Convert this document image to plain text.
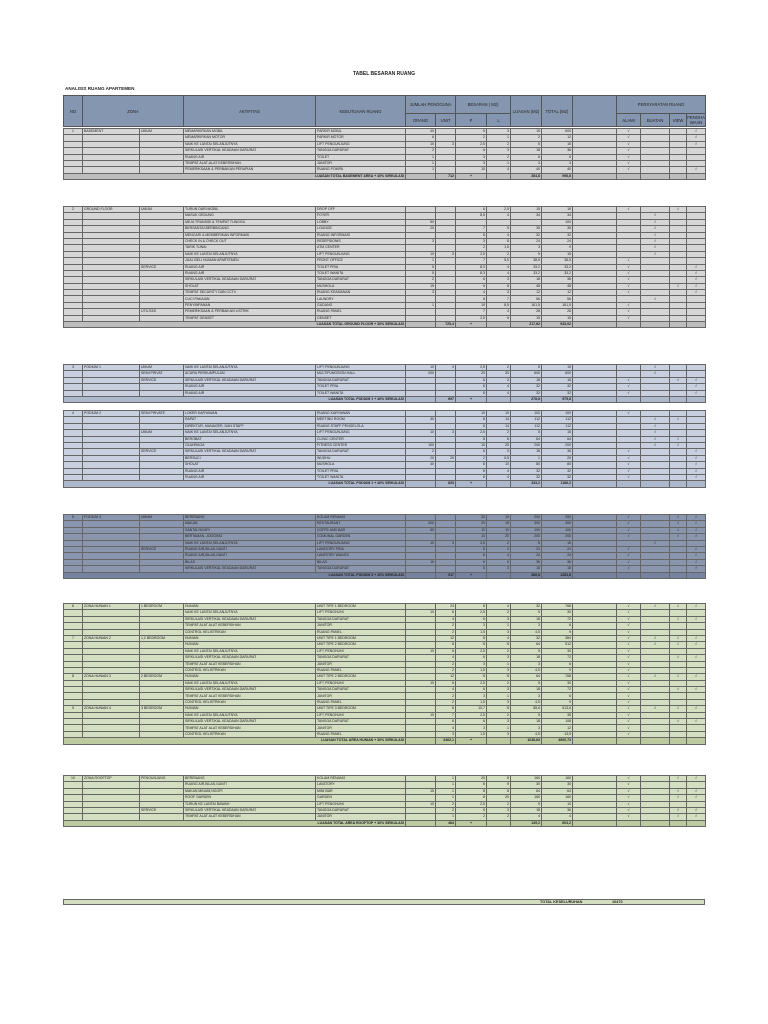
TABEL BESARAN RUANG
ANALISIS RUANG APARTEMEN
NO	ZONA	AKTIFITAS	KEBUTUHAN RUANG	JUMLAH PENGGUNA		BESARAN ( M2)		LUASAN (M2)	TOTAL (M2)		PERSYARATAN RUANG			
				ORANG	UNIT	P	L				ALAMI	BUATAN	VIEW	PENGHA WAAN
1	BASEMENT	UMUM	MEMARKIRKAN MOBIL	PARKIR MOBIL	40		5	3	15	600		√			√
			MEMARKIRKAN MOTOR	PARKIR MOTOR	6		2	1	2	12		√			√
			NAIK KE LANTAI SELANJUTNYA	LIFT PENGUNJUNG	10	3	2,5	2	5	15		√			√
			SIRKULASI VERTIKAL KEADAAN DARURAT	TANGGA DARURAT	2		6	3	18	36		√			
			RUANG AIR	TOILET	1		3	2	6	6		√			
			TEMPAT ALAT-ALAT KEBERSIHAN	JANITOR	1		3	1	3	3		√			
			PEMERIKSAAN & PERBAIKAN PERAPIAN	RUANG POMPA	1		10	4	40	40		√			√
LUASAN TOTAL BASEMENT AREA + 40% SIRKULASI						712	+		284,8	996,8					
2	GROUND FLOOR	UMUM	TURUN DARI MOBIL	DROP OFF			6	2,5	15	15		√		√	
			MASUK GEDUNG	FOYER			8,5	4	34	34			√		
			MEJA TRANSISI & TEMPAT TUNGGU	LOBBY	50					100			√		
			BERSANTAI BERBINCANG	LOUNGE	20		7	5	35	35			√		
			MENCARI & MEMBERIKAN INFORMASI	RUANG INFORMASI			8	4	32	32			√		
			CHECK IN & CHECK OUT	RESEPSIONIS	3		3	8	24	24			√		
			TARIK TUNAI	ATM CENTER			2	1,5	3	9			√		
			NAIK KE LANTAI SELANJUTNYA	LIFT PENGUNJUNG	10	3	2,5	2	5	15			√		
			JUAL BELI HUNIAN APARTEMEN	FRONT OFFICE	1		7	5,5	38,5	38,5		√			
		SERVICE	RUANG AIR	TOILET PRIA	5		8,3	4	33,2	33,2		√			√
			RUANG AIR	TOILET WANITA	5		8,3	4	33,2	33,2		√			√
			SIRKULASI VERTIKAL KEADAAN DARURAT	TANGGA DARURAT	2		6	3	18	36		√			√
			SHOLAT	MUSHOLA	15		6	8	48	48		√		√	√
			TEMPAT SECURITY DAN CCTV	RUANG KEAMANAN	3		4	3	12	12		√			√
			CUCI PAKAIAN	LAUNDRY			8	7	56	56			√		
			PENYIMPANAN	GUDANG	1		19	8,5	161,5	161,5		√			
		UTILITAS	PEMERIKSAAN & PERBAIKAN LISTRIK	RUANG PANEL			7	4	28	28		√			
			TEMPAT GENSET	GENSET			2,5	6	15	15		√			
LUASAN TOTAL GROUND FLOOR + 30% SIRKULASI						725,4	+		217,62	943,02					
3	PODIUM 1	UMUM	NAIK KE LANTAI SELANJUTNYA	LIFT PENGUNJUNG	10	3	2,5	2	5	15			√		
		SEMI PRIVAT	ACARA PERKUMPULAN	MULTIFUNGSION HALL	200		20	30	600	600			√		
		SERVICE	SIRKULASI VERTIKAL KEADAAN DARURAT	TANGGA DARURAT			6	3	18	18		√		√	√
			RUANG AIR	TOILET PRIA			8	4	32	32		√			√
			RUANG AIR	TOILET WANITA			8	4	32	32		√			√
LUASAN TOTAL PODIUM 1 + 40% SIRKULASI						697	+		278,8	975,8					
4	PODIUM 2	SEMI PRIVATE	LOKER KARYAWAN	RUANG KARYAWAN			10	10	100	100		√			
			RAPAT	MEETING ROOM	30		8	14	112	112			√	√	
			DIREKTUR, MANAGER, DAN STAFF	RUANG STAFF PENGELOLA			8	14	112	112			√		
		UMUM	NAIK KE LANTAI SELANJUTNYA	LIFT PENGUNJUNG	10	3	2,5	2	5	15			√		
			BEROBAT	CLINIC CENTER			8	8	64	64			√	√	
			OLAHRAGA	FITNESS CENTER	100		10	20	200	200			√	√	
		SERVICE	SIRKULASI VERTIKAL KEADAAN DARURAT	TANGGA DARURAT	2		6	3	18	36		√			√
			BERSUCI	WUDHU	20	20	2	0,5	1	20		√			√
			SHOLAT	MUSHOLA	40		8	10	80	80		√			√
			RUANG AIR	TOILET PRIA			8	4	32	32		√			√
			RUANG AIR	TOILET WANITA			8	4	32	32		√			√
LUASAN TOTAL PODIUM 1 + 40% SIRKULASI						833	+		333,2	1166,2					
5	PODIUM 3	UMUM	BERENANG	KOLAM RENANG			20	10	200	200		√		√	√
			MAKAN	RESTAURANT	200		20	15	300	300		√		√	√
			SANTAI NGOPI	COFFE AND BAR	50		10	10	100	100		√		√	√
			BERTAMAN, JOGGING	COMUNAL GARDEN			10	20	200	200		√		√	√
			NAIK KE LANTAI SELANJUTNYA	LIFT PENGUNJUNG	10	3	2,5	2	5	15			√		
		SERVICE	RUANG AIR,BILAS,GANTI	LAVATORY PRIA			6	4	24	24		√			√
			RUANG AIR,BILAS,GANTI	LAVATORY WANITA			6	4	24	24		√			√
			BILAS	BILAS	16		6	6	36	36		√			√
			SIRKULASI VERTIKAL KEADAAN DARURAT	TANGGA DARURAT			6	3	18	18		√			√
LUASAN TOTAL PODIUM 3 + 40% SIRKULASI						917	+		366,8	1283,8					
6	ZONA HUNIAN 1	1 BEDROOM	HUNIAN	UNIT TIPE 1 BEDROOM		24	8	4	32	768		√	√	√	√
			NAIK KE LANTAI SELANJUTNYA	LIFT PENGHUNI	10	6	2,5	2	5	30		√			
			SIRKULASI VERTIKAL KEADAAN DARURAT	TANGGA DARURAT		4	6	3	18	72		√		√	√
			TEMPAT ALAT ALAT KEBERSIHAN	JANITOR		2	3	1	3	6		√			
			CONTROL KELISTRIKAN	RUANG PANEL		2	1,5	3	4,5	9		√			
7	ZONA HUNIAN 2	1,2 BEDROOM	HUNIAN	UNIT TIPE 1 BEDROOM		12	8	4	32	384		√	√	√	√
			HUNIAN	UNIT TIPE 2 BEDROOM		8	8	8	64	512		√	√	√	√
			NAIK KE LANTAI SELANJUTNYA	LIFT PENGHUNI	10	6	2,5	2	5	30		√			
			SIRKULASI VERTIKAL KEADAAN DARURAT	TANGGA DARURAT		4	6	3	18	72		√		√	√
			TEMPAT ALAT ALAT KEBERSIHAN	JANITOR		2	3	1	3	6		√			
			CONTROL KELISTRIKAN	RUANG PANEL		2	1,5	3	4,5	9		√			
8	ZONA HUNIAN 3	2 BEDROOM	HUNIAN	UNIT TIPE 2 BEDROOM		12	8	8	64	768		√	√	√	√
			NAIK KE LANTAI SELANJUTNYA	LIFT PENGHUNI	10	6	2,5	2	5	30		√			
			SIRKULASI VERTIKAL KEADAAN DARURAT	TANGGA DARURAT		4	6	3	18	72		√		√	√
			TEMPAT ALAT ALAT KEBERSIHAN	JANITOR		2	3	1	3	6		√			
			CONTROL KELISTRIKAN	RUANG PANEL		2	1,5	3	4,5	9		√			
9	ZONA HUNIAN 4	3 BEDROOM	HUNIAN	UNIT TIPE 3 BEDROOM		6	10,7	8	85,6	513,6		√	√	√	√
			NAIK KE LANTAI SELANJUTNYA	LIFT PENGHUNI	10	7	2,5	2	5	35		√			
			SIRKULASI VERTIKAL KEADAAN DARURAT	TANGGA DARURAT		6	6	3	18	108		√		√	√
			TEMPAT ALAT ALAT KEBERSIHAN	JANITOR		4	3	1	3	12		√			
			CONTROL KELISTRIKAN	RUANG PANEL		3	1,5	3	4,5	13,5		√			
LUASAN TOTAL AREA HUNIAN + 30% SIRKULASI						3462,1	+		1038,63	4500,73					
10	ZONA ROOFTOP	PENGUNJUNG	BERENANG	KOLAM RENANG		1	20	8	160	160		√		√	√
			RUANG AIR,BILAS,GANTI	LAVATORY		1	6	5	30	30		√			
			MAKAN MINUM,NGOPI	MINI BAR	15	1	8	8	64	64		√		√	√
			ROOF GARDEN	GARDEN		1	8	20	160	160		√		√	√
			TURUN KE LANTAI BAWAH	LIFT PENGHUNI	10	2	2,5	2	5	10		√			
		SERVICE	SIRKULASI VERTIKAL KEADAAN DARURAT	TANGGA DARURAT		2	6	3	18	36		√		√	√
			TEMPAT ALAT ALAT KEBERSIHAN	JANITOR		1	2	2	4	4		√		√	√
LUASAN TOTAL AREA ROOFTOP + 30% SIRKULASI						464	+		139,2	603,2					
TOTAL KESELURUHAN	10470
